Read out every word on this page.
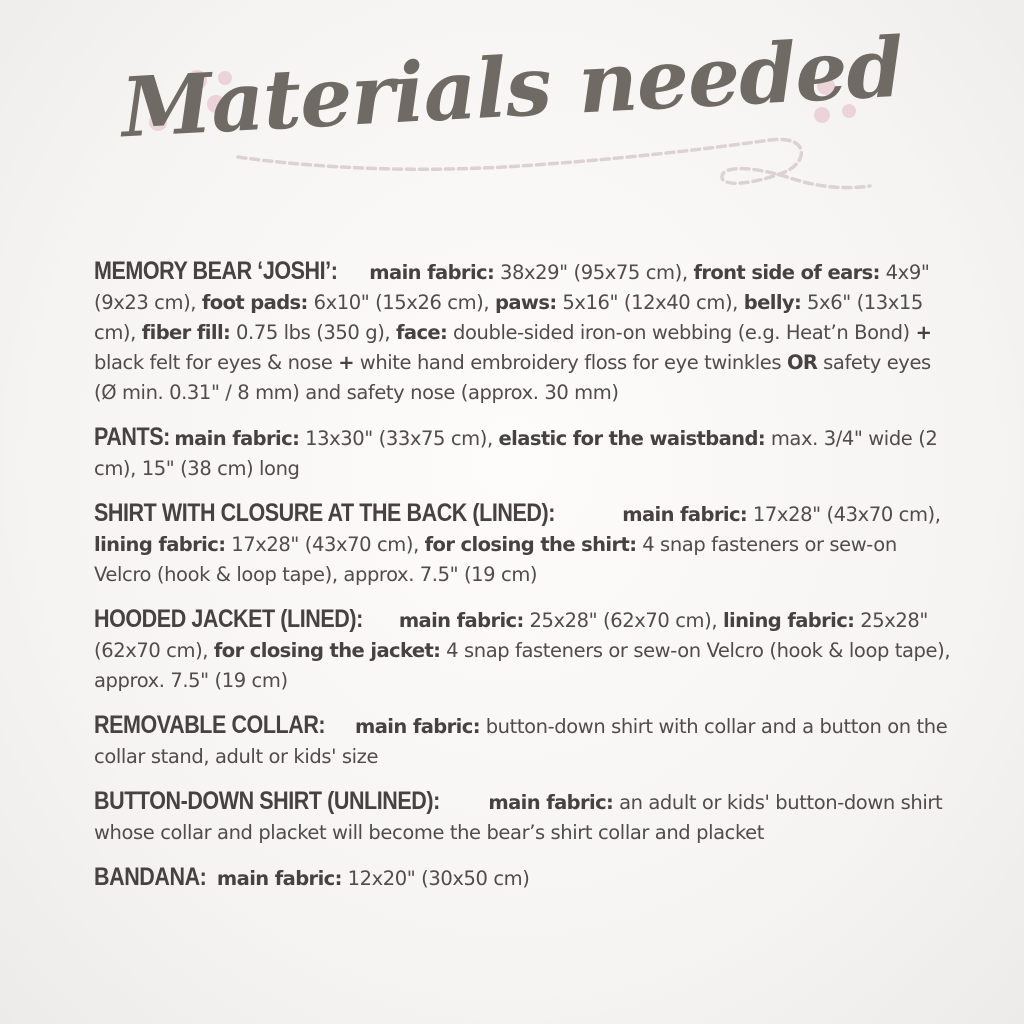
Materials needed
MEMORY BEAR ‘JOSHI’: main fabric: 38x29" (95x75 cm), front side of ears: 4x9" (9x23 cm), foot pads: 6x10" (15x26 cm), paws: 5x16" (12x40 cm), belly: 5x6" (13x15 cm), fiber fill: 0.75 lbs (350 g), face: double-sided iron-on webbing (e.g. Heat’n Bond) + black felt for eyes & nose + white hand embroidery floss for eye twinkles OR safety eyes (Ø min. 0.31" / 8 mm) and safety nose (approx. 30 mm)
PANTS: main fabric: 13x30" (33x75 cm), elastic for the waistband: max. 3/4" wide (2 cm), 15" (38 cm) long
SHIRT WITH CLOSURE AT THE BACK (LINED):	main fabric: 17x28" (43x70 cm), lining fabric: 17x28" (43x70 cm), for closing the shirt: 4 snap fasteners or sew-on Velcro (hook & loop tape), approx. 7.5" (19 cm)
HOODED JACKET (LINED): main fabric: 25x28" (62x70 cm), lining fabric: 25x28" (62x70 cm), for closing the jacket: 4 snap fasteners or sew-on Velcro (hook & loop tape), approx. 7.5" (19 cm)
REMOVABLE COLLAR: main fabric: button-down shirt with collar and a button on the collar stand, adult or kids' size
BUTTON-DOWN SHIRT (UNLINED): main fabric: an adult or kids' button-down shirt whose collar and placket will become the bear’s shirt collar and placket
BANDANA: main fabric: 12x20" (30x50 cm)
